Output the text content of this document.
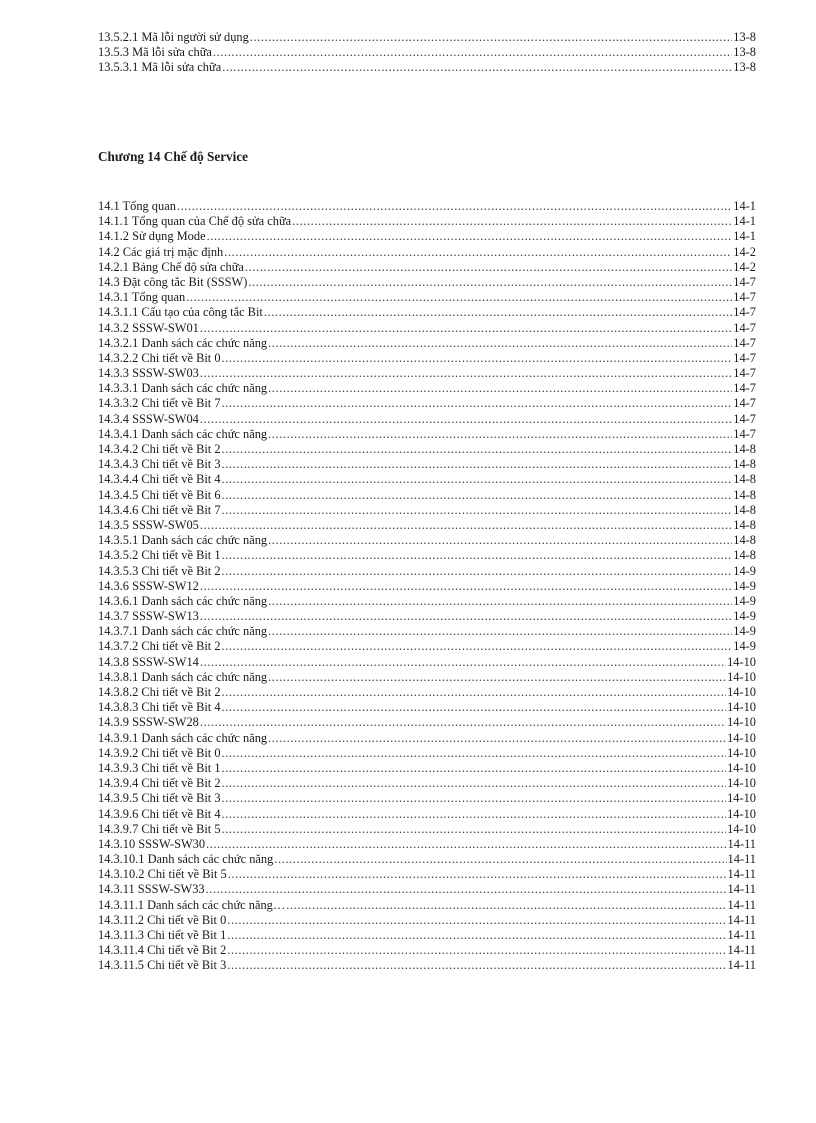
13.5.2.1 Mã lỗi người sử dụng .....	13-8
13.5.3 Mã lỗi sửa chữa .....	13-8
13.5.3.1 Mã lỗi sửa chữa .....	13-8
Chương 14 Chế độ Service
14.1 Tổng quan .....	14-1
14.1.1 Tổng quan của Chế độ sửa chữa .....	14-1
14.1.2 Sử dụng Mode .....	14-1
14.2 Các giá trị mặc định .....	14-2
14.2.1 Bảng Chế độ sửa chữa .....	14-2
14.3 Đặt công tắc Bit (SSSW) .....	14-7
14.3.1 Tổng quan .....	14-7
14.3.1.1 Cấu tạo của công tắc Bit .....	14-7
14.3.2 SSSW-SW01 .....	14-7
14.3.2.1 Danh sách các chức năng .....	14-7
14.3.2.2 Chi tiết về Bit 0 .....	14-7
14.3.3 SSSW-SW03 .....	14-7
14.3.3.1 Danh sách các chức năng .....	14-7
14.3.3.2 Chi tiết về Bit 7 .....	14-7
14.3.4 SSSW-SW04 .....	14-7
14.3.4.1 Danh sách các chức năng .....	14-7
14.3.4.2 Chi tiết về Bit 2 .....	14-8
14.3.4.3 Chi tiết về Bit 3 .....	14-8
14.3.4.4 Chi tiết về Bit 4 .....	14-8
14.3.4.5 Chi tiết về Bit 6 .....	14-8
14.3.4.6 Chi tiết về Bit 7 .....	14-8
14.3.5 SSSW-SW05 .....	14-8
14.3.5.1 Danh sách các chức năng .....	14-8
14.3.5.2 Chi tiết về Bit 1 .....	14-8
14.3.5.3 Chi tiết về Bit 2 .....	14-9
14.3.6 SSSW-SW12 .....	14-9
14.3.6.1 Danh sách các chức năng .....	14-9
14.3.7 SSSW-SW13 .....	14-9
14.3.7.1 Danh sách các chức năng .....	14-9
14.3.7.2 Chi tiết về Bit 2 .....	14-9
14.3.8 SSSW-SW14 .....	14-10
14.3.8.1 Danh sách các chức năng .....	14-10
14.3.8.2 Chi tiết về Bit 2 .....	14-10
14.3.8.3 Chi tiết về Bit 4 .....	14-10
14.3.9 SSSW-SW28 .....	14-10
14.3.9.1 Danh sách các chức năng .....	14-10
14.3.9.2 Chi tiết về Bit 0 .....	14-10
14.3.9.3 Chi tiết về Bit 1 .....	14-10
14.3.9.4 Chi tiết về Bit 2 .....	14-10
14.3.9.5 Chi tiết về Bit 3 .....	14-10
14.3.9.6 Chi tiết về Bit 4 .....	14-10
14.3.9.7 Chi tiết về Bit 5 .....	14-10
14.3.10 SSSW-SW30 .....	14-11
14.3.10.1 Danh sách các chức năng .....	14-11
14.3.10.2 Chi tiết về Bit 5 .....	14-11
14.3.11 SSSW-SW33 .....	14-11
14.3.11.1 Danh sách các chức năng… .....	14-11
14.3.11.2 Chi tiết về Bit 0 .....	14-11
14.3.11.3 Chi tiết về Bit 1 .....	14-11
14.3.11.4 Chi tiết về Bit 2 .....	14-11
14.3.11.5 Chi tiết về Bit 3 .....	14-11
